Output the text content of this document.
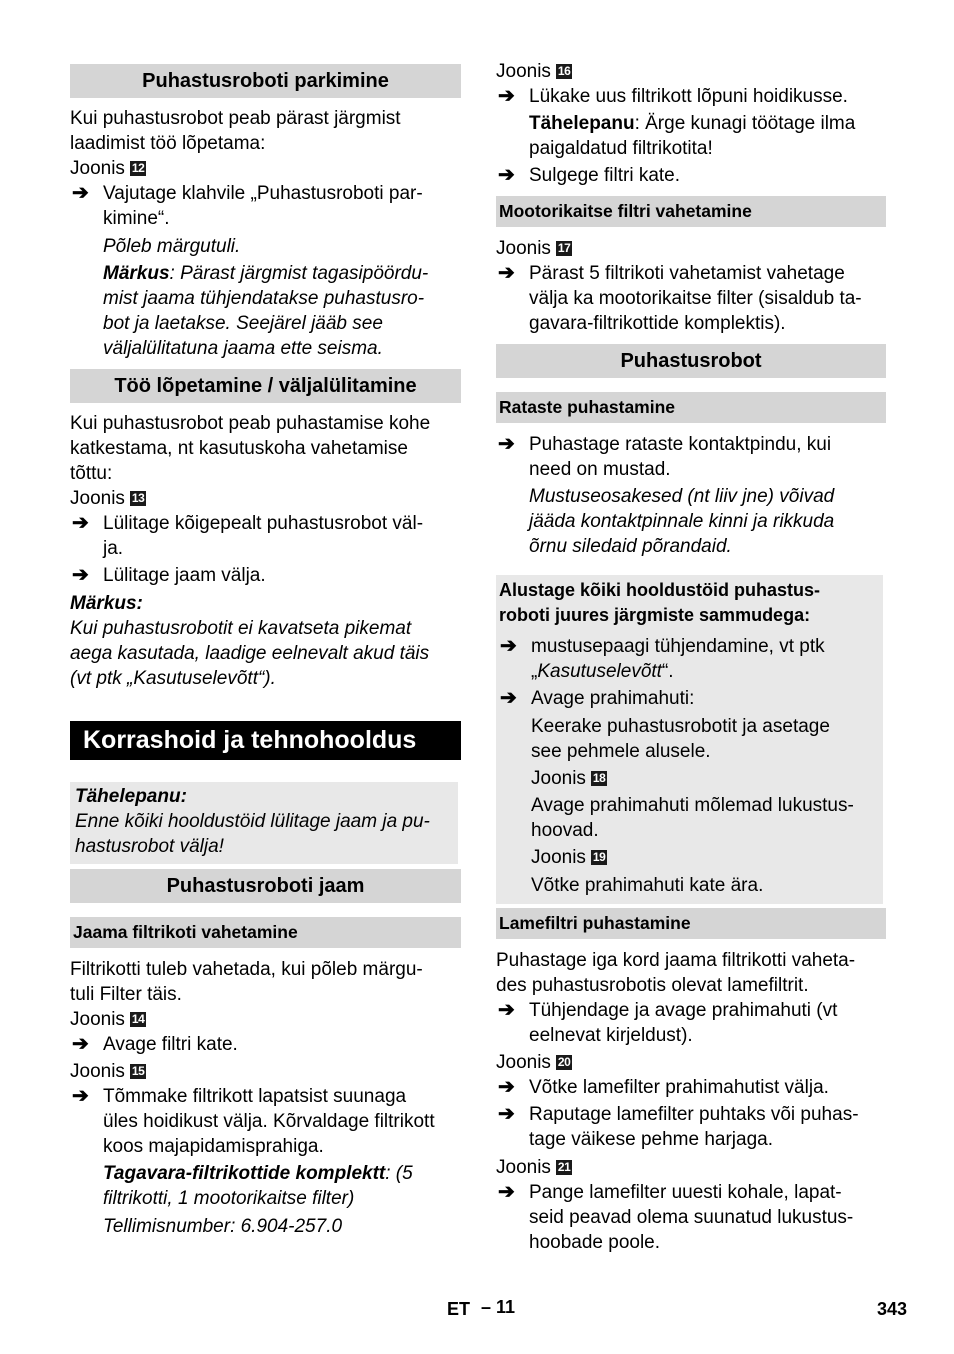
Puhastusroboti parkimine
Kui puhastusrobot peab pärast järgmist
laadimist töö lõpetama:
Joonis 12
➔ Vajutage klahvile „Puhastusroboti par-
kimine“.
Põleb märgutuli.
Märkus: Pärast järgmist tagasipöördu-
mist jaama tühjendatakse puhastusro-
bot ja laetakse. Seejärel jääb see
väljalülitatuna jaama ette seisma.
Töö lõpetamine / väljalülitamine
Kui puhastusrobot peab puhastamise kohe
katkestama, nt kasutuskoha vahetamise
tõttu:
Joonis 13
➔ Lülitage kõigepealt puhastusrobot väl-
ja.
➔ Lülitage jaam välja.
Märkus:
Kui puhastusrobotit ei kavatseta pikemat
aega kasutada, laadige eelnevalt akud täis
(vt ptk „Kasutuselevõtt“).
Korrashoid ja tehnohooldus
Tähelepanu:
Enne kõiki hooldustöid lülitage jaam ja pu-
hastusrobot välja!
Puhastusroboti jaam
Jaama filtrikoti vahetamine
Filtrikotti tuleb vahetada, kui põleb märgu-
tuli Filter täis.
Joonis 14
➔ Avage filtri kate.
Joonis 15
➔ Tõmmake filtrikott lapatsist suunaga
üles hoidikust välja. Kõrvaldage filtrikott
koos majapidamisprahiga.
Tagavara-filtrikottide komplektt: (5
filtrikotti, 1 mootorikaitse filter)
Tellimisnumber: 6.904-257.0
Joonis 16
➔ Lükake uus filtrikott lõpuni hoidikusse.
Tähelepanu: Ärge kunagi töötage ilma
paigaldatud filtrikotita!
➔ Sulgege filtri kate.
Mootorikaitse filtri vahetamine
Joonis 17
➔ Pärast 5 filtrikoti vahetamist vahetage
välja ka mootorikaitse filter (sisaldub ta-
gavara-filtrikottide komplektis).
Puhastusrobot
Rataste puhastamine
➔ Puhastage rataste kontaktpindu, kui
need on mustad.
Mustuseosakesed (nt liiv jne) võivad
jääda kontaktpinnale kinni ja rikkuda
õrnu siledaid põrandaid.
Alustage kõiki hooldustöid puhastus-
roboti juures järgmiste sammudega:
➔ mustusepaagi tühjendamine, vt ptk
„Kasutuselevõtt“.
➔ Avage prahimahuti:
Keerake puhastusrobotit ja asetage
see pehmele alusele.
Joonis 18
Avage prahimahuti mõlemad lukustus-
hoovad.
Joonis 19
Võtke prahimahuti kate ära.
Lamefiltri puhastamine
Puhastage iga kord jaama filtrikotti vaheta-
des puhastusrobotis olevat lamefiltrit.
➔ Tühjendage ja avage prahimahuti (vt
eelnevat kirjeldust).
Joonis 20
➔ Võtke lamefilter prahimahutist välja.
➔ Raputage lamefilter puhtaks või puhas-
tage väikese pehme harjaga.
Joonis 21
➔ Pange lamefilter uuesti kohale, lapat-
seid peavad olema suunatud lukustus-
hoobade poole.
ET – 11	343
